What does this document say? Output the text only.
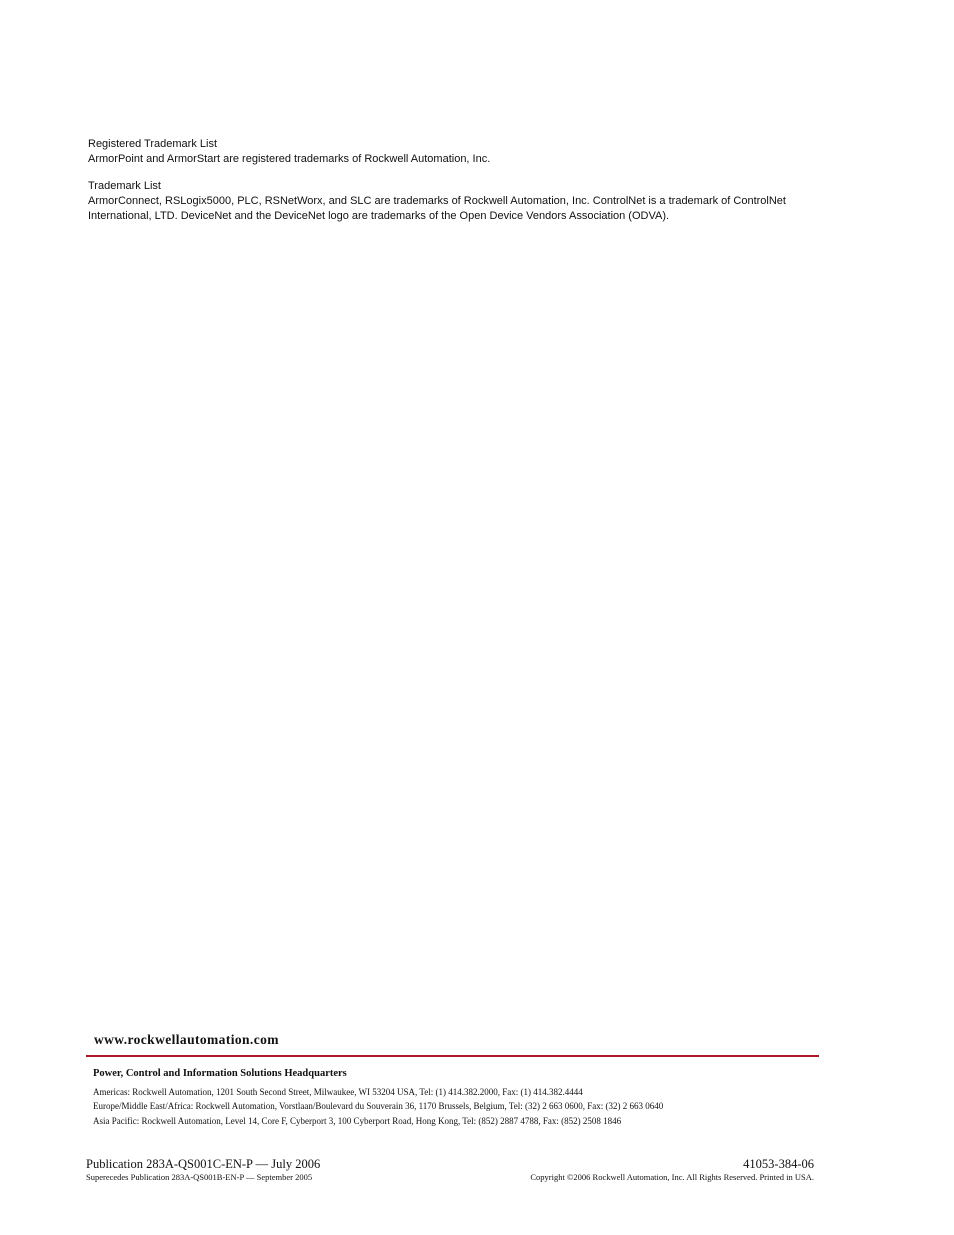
Registered Trademark List

ArmorPoint and ArmorStart are registered trademarks of Rockwell Automation, Inc.

Trademark List

ArmorConnect, RSLogix5000, PLC, RSNetWorx, and SLC are trademarks of Rockwell Automation, Inc. ControlNet is a trademark of ControlNet

International, LTD. DeviceNet and the DeviceNet logo are trademarks of the Open Device Vendors Association (ODVA).

www.rockwellautomation.com
Power, Control and Information Solutions Headquarters
Americas: Rockwell Automation, 1201 South Second Street, Milwaukee, WI 53204 USA, Tel: (1) 414.382.2000, Fax: (1) 414.382.4444
Europe/Middle East/Africa: Rockwell Automation, Vorstlaan/Boulevard du Souverain 36, 1170 Brussels, Belgium, Tel: (32) 2 663 0600, Fax: (32) 2 663 0640
Asia Pacific: Rockwell Automation, Level 14, Core F, Cyberport 3, 100 Cyberport Road, Hong Kong, Tel: (852) 2887 4788, Fax: (852) 2508 1846
Publication 283A-QS001C-EN-P — July 2006	41053-384-06
Superecedes Publication 283A-QS001B-EN-P — September 2005	Copyright ©2006 Rockwell Automation, Inc. All Rights Reserved. Printed in USA.
